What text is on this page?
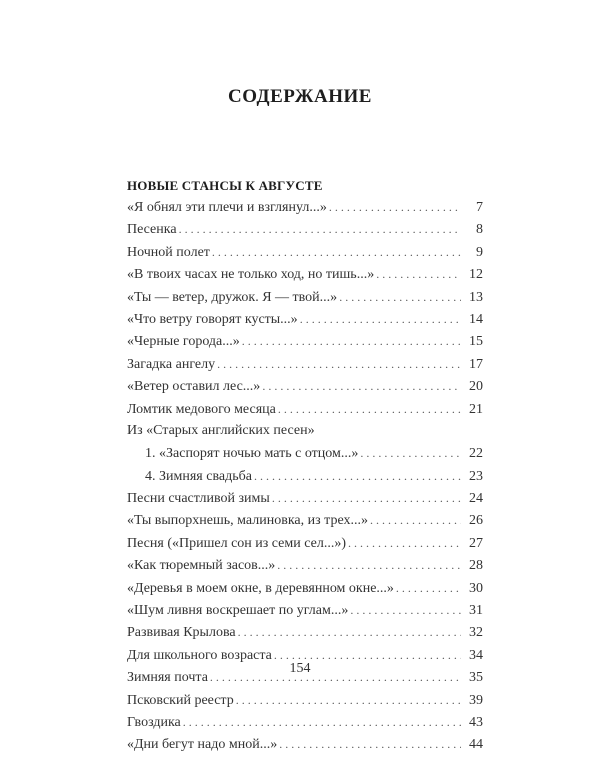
СОДЕРЖАНИЕ
НОВЫЕ СТАНСЫ К АВГУСТЕ
«Я обнял эти плечи и взглянул...» . . .	7
Песенка . . .	8
Ночной полет . . .	9
«В твоих часах не только ход, но тишь...» . . .	12
«Ты — ветер, дружок. Я — твой...» . . .	13
«Что ветру говорят кусты...» . . .	14
«Черные города...» . . .	15
Загадка ангелу . . .	17
«Ветер оставил лес...» . . .	20
Ломтик медового месяца . . .	21
Из «Старых английских песен»
1. «Заспорят ночью мать с отцом...» . . .	22
4. Зимняя свадьба . . .	23
Песни счастливой зимы . . .	24
«Ты выпорхнешь, малиновка, из трех...» . . .	26
Песня («Пришел сон из семи сел...») . . .	27
«Как тюремный засов...» . . .	28
«Деревья в моем окне, в деревянном окне...» . . .	30
«Шум ливня воскрешает по углам...» . . .	31
Развивая Крылова . . .	32
Для школьного возраста . . .	34
Зимняя почта . . .	35
Псковский реестр . . .	39
Гвоздика . . .	43
«Дни бегут надо мной...» . . .	44
154
